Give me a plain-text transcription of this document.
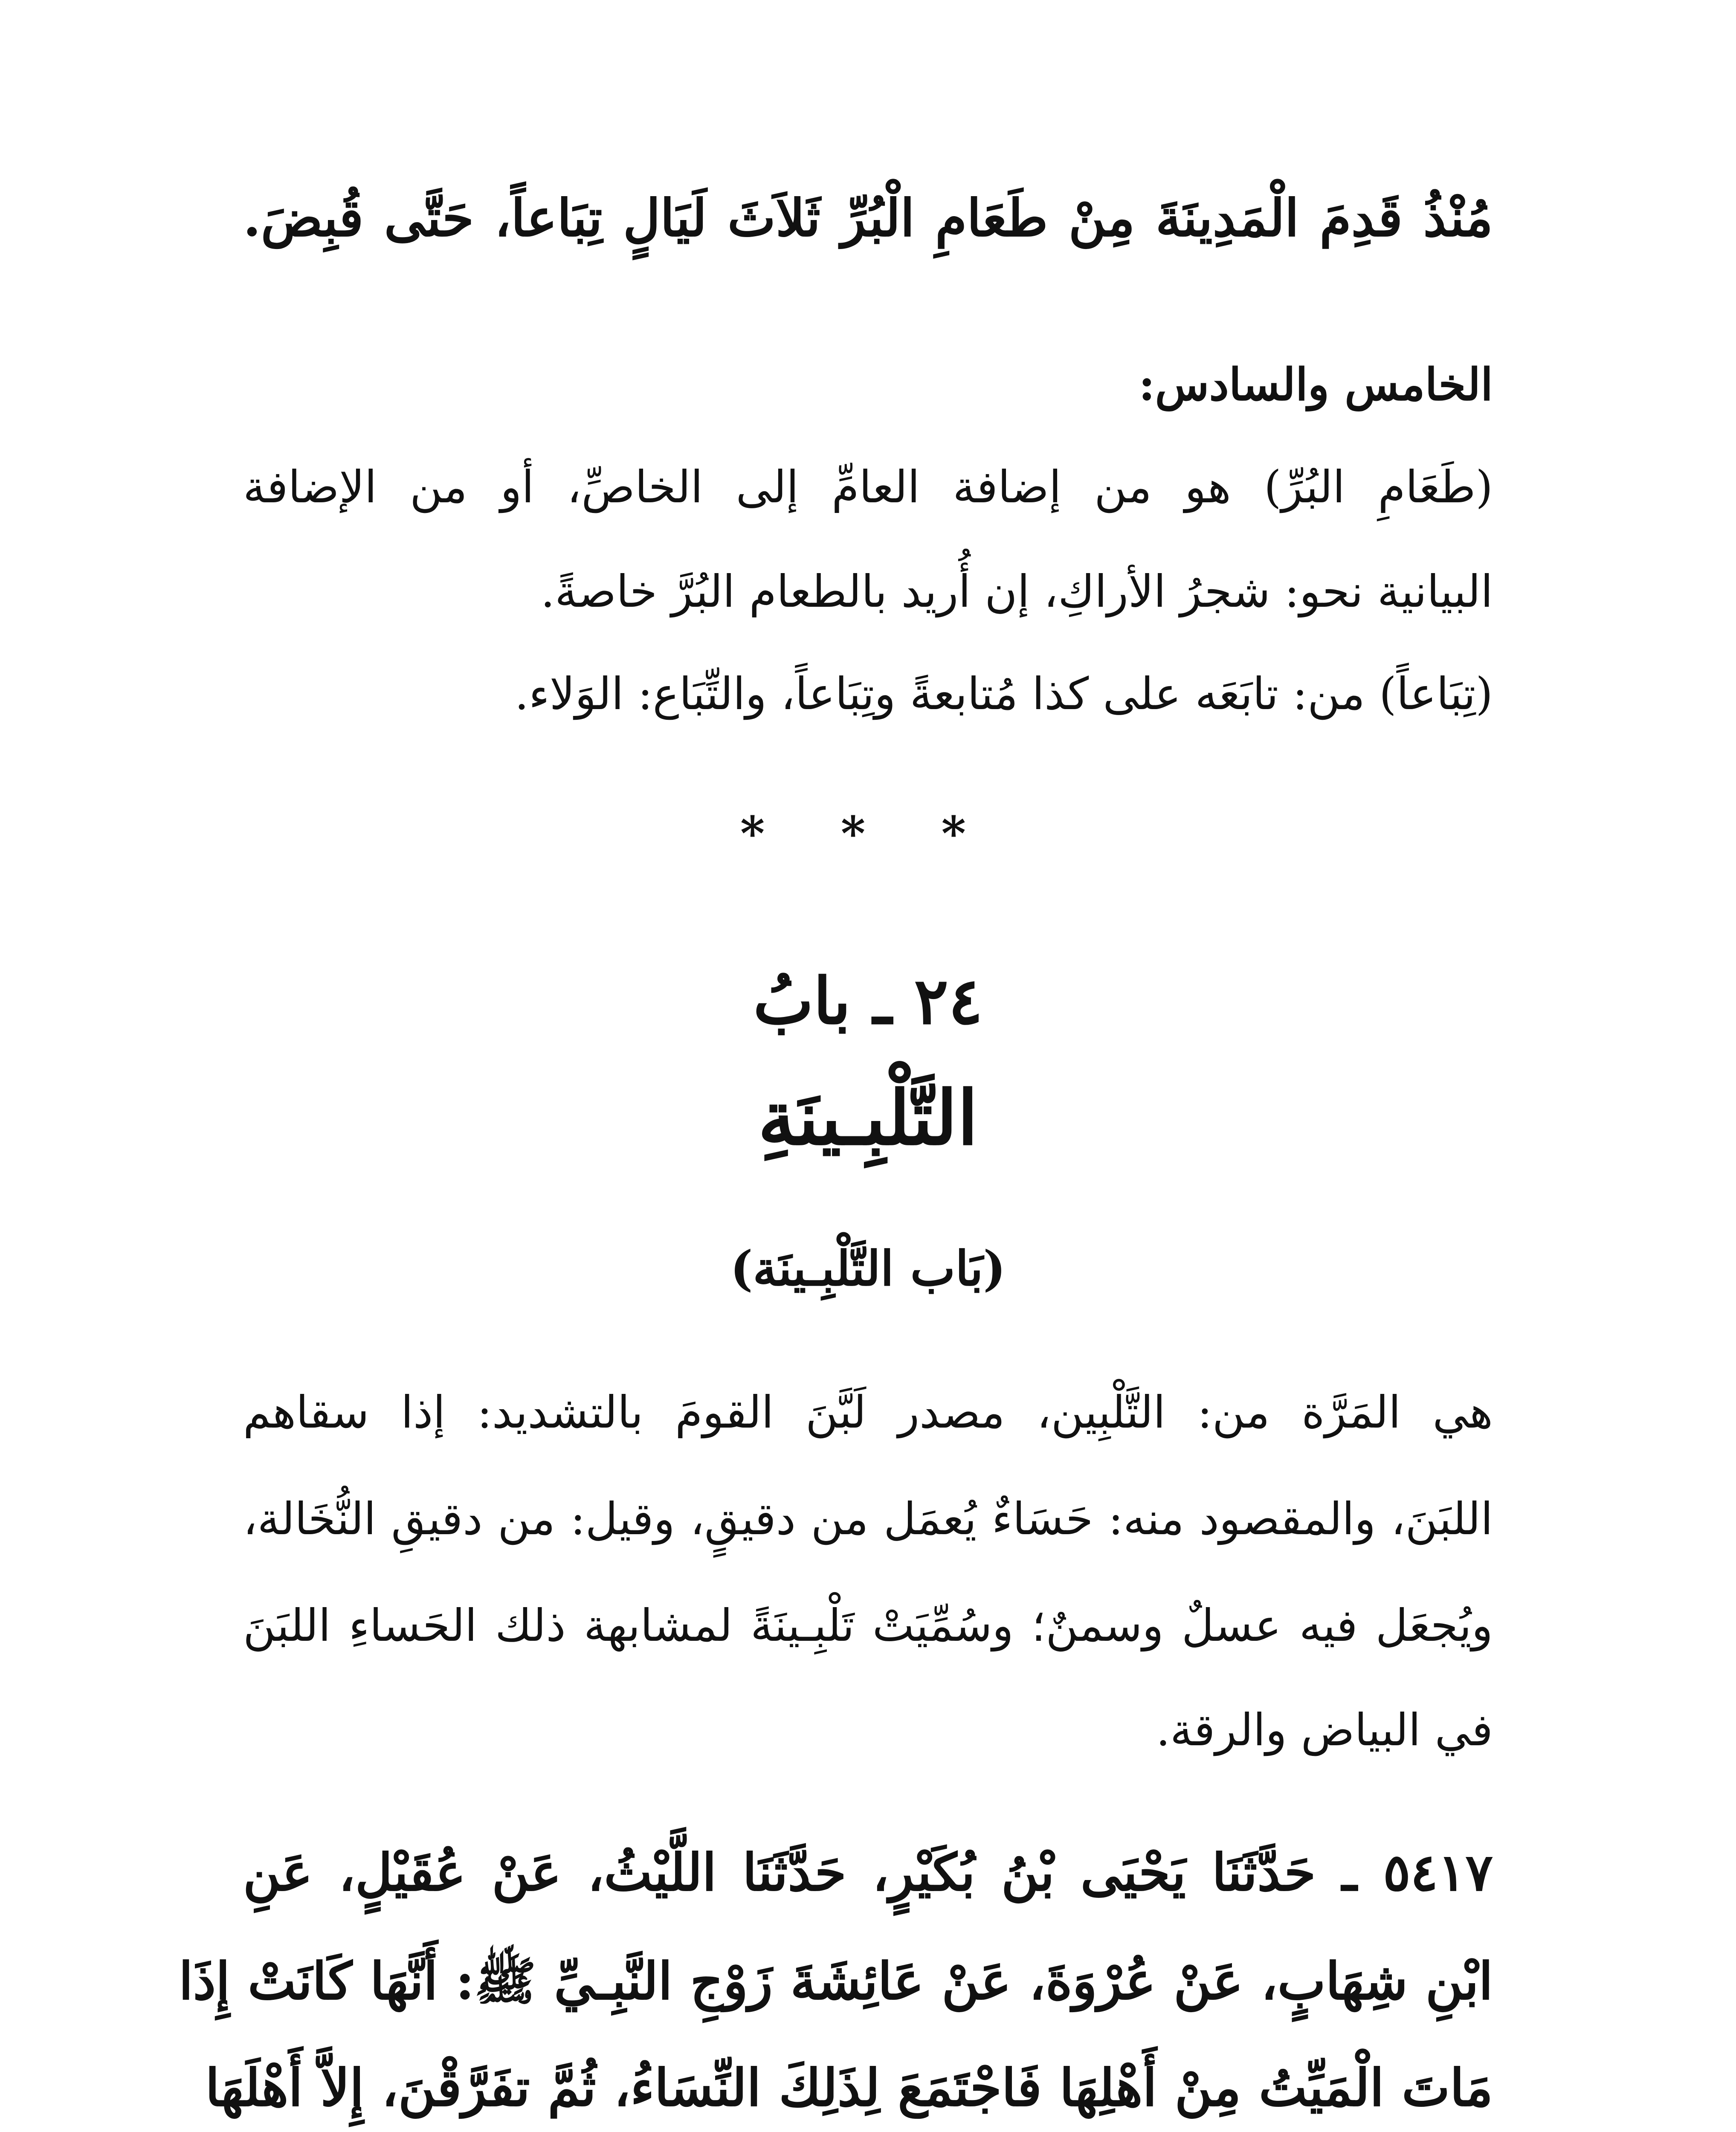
مُنْذُ قَدِمَ الْمَدِينَةَ مِنْ طَعَامِ الْبُرِّ ثَلاَثَ لَيَالٍ تِبَاعاً، حَتَّى قُبِضَ.
الخامس والسادس:
(طَعَامِ البُرِّ) هو من إضافة العامِّ إلى الخاصِّ، أو من الإضافة
البيانية نحو: شجرُ الأراكِ، إن أُريد بالطعام البُرَّ خاصةً.
(تِبَاعاً) من: تابَعَه على كذا مُتابعةً وتِبَاعاً، والتِّبَاع: الوَلاء.
* * *
٢٤ ـ بابُ
التَّلْبِـينَةِ
(بَاب التَّلْبِـينَة)
هي المَرَّة من: التَّلْبِين، مصدر لَبَّنَ القومَ بالتشديد: إذا سقاهم
اللبَنَ، والمقصود منه: حَسَاءٌ يُعمَل من دقيقٍ، وقيل: من دقيقِ النُّخَالة،
ويُجعَل فيه عسلٌ وسمنٌ؛ وسُمِّيَتْ تَلْبِـينَةً لمشابهة ذلك الحَساءِ اللبَنَ
في البياض والرقة.
٥٤١٧ ـ حَدَّثَنَا يَحْيَى بْنُ بُكَيْرٍ، حَدَّثَنَا اللَّيْثُ، عَنْ عُقَيْلٍ، عَنِ
ابْنِ شِهَابٍ، عَنْ عُرْوَةَ، عَنْ عَائِشَةَ زَوْجِ النَّبِـيِّ ﷺ: أَنَّهَا كَانَتْ إِذَا
مَاتَ الْمَيِّتُ مِنْ أَهْلِهَا فَاجْتَمَعَ لِذَلِكَ النِّسَاءُ، ثُمَّ تفَرَّقْنَ، إِلاَّ أَهْلَهَا
